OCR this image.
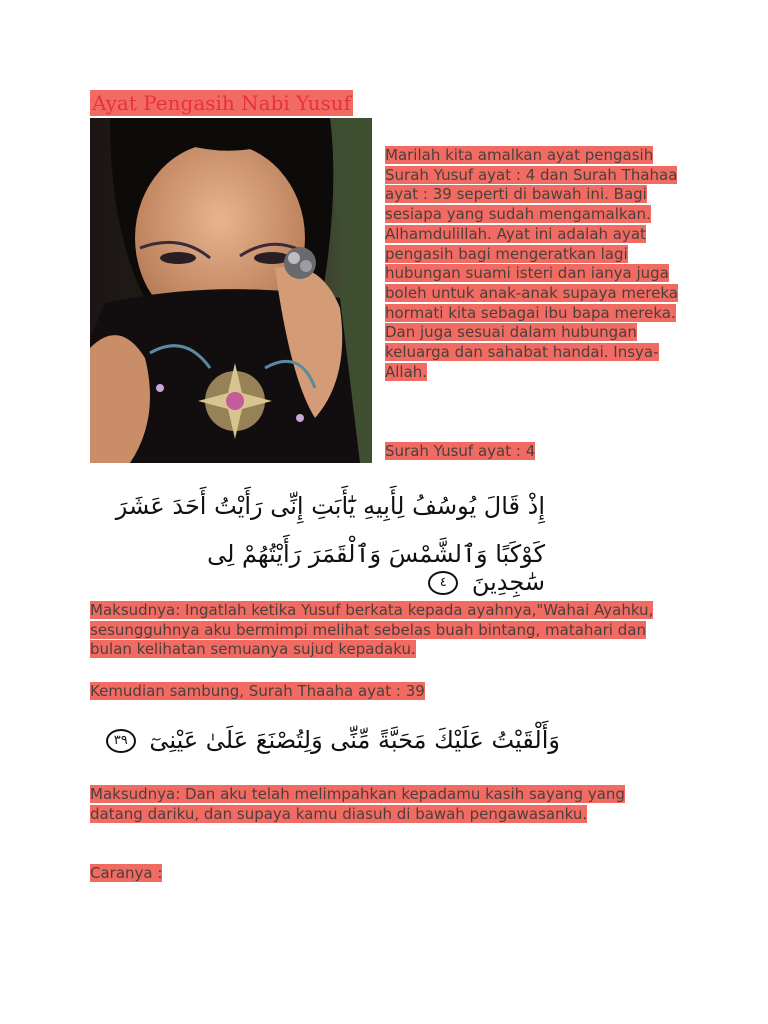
Ayat Pengasih Nabi Yusuf
Marilah kita amalkan ayat pengasih Surah Yusuf ayat : 4 dan Surah Thahaa ayat : 39 seperti di bawah ini. Bagi sesiapa yang sudah mengamalkan. Alhamdulillah. Ayat ini adalah ayat pengasih bagi mengeratkan lagi hubungan suami isteri dan ianya juga boleh untuk anak-anak supaya mereka hormati kita sebagai ibu bapa mereka. Dan juga sesuai dalam hubungan keluarga dan sahabat handai. Insya-Allah.
Surah Yusuf ayat : 4
إِذْ قَالَ يُوسُفُ لِأَبِيهِ يَٰٓأَبَتِ إِنِّى رَأَيْتُ أَحَدَ عَشَرَ
كَوْكَبًا وَٱلشَّمْسَ وَٱلْقَمَرَ رَأَيْتُهُمْ لِى سَٰجِدِينَ ٤
Maksudnya: Ingatlah ketika Yusuf berkata kepada ayahnya,"Wahai Ayahku, sesungguhnya aku bermimpi melihat sebelas buah bintang, matahari dan bulan kelihatan semuanya sujud kepadaku.
Kemudian sambung, Surah Thaaha ayat : 39
وَأَلْقَيْتُ عَلَيْكَ مَحَبَّةً مِّنِّى وَلِتُصْنَعَ عَلَىٰ عَيْنِىٓ ٣٩
Maksudnya: Dan aku telah melimpahkan kepadamu kasih sayang yang datang dariku, dan supaya kamu diasuh di bawah pengawasanku.
Caranya :
